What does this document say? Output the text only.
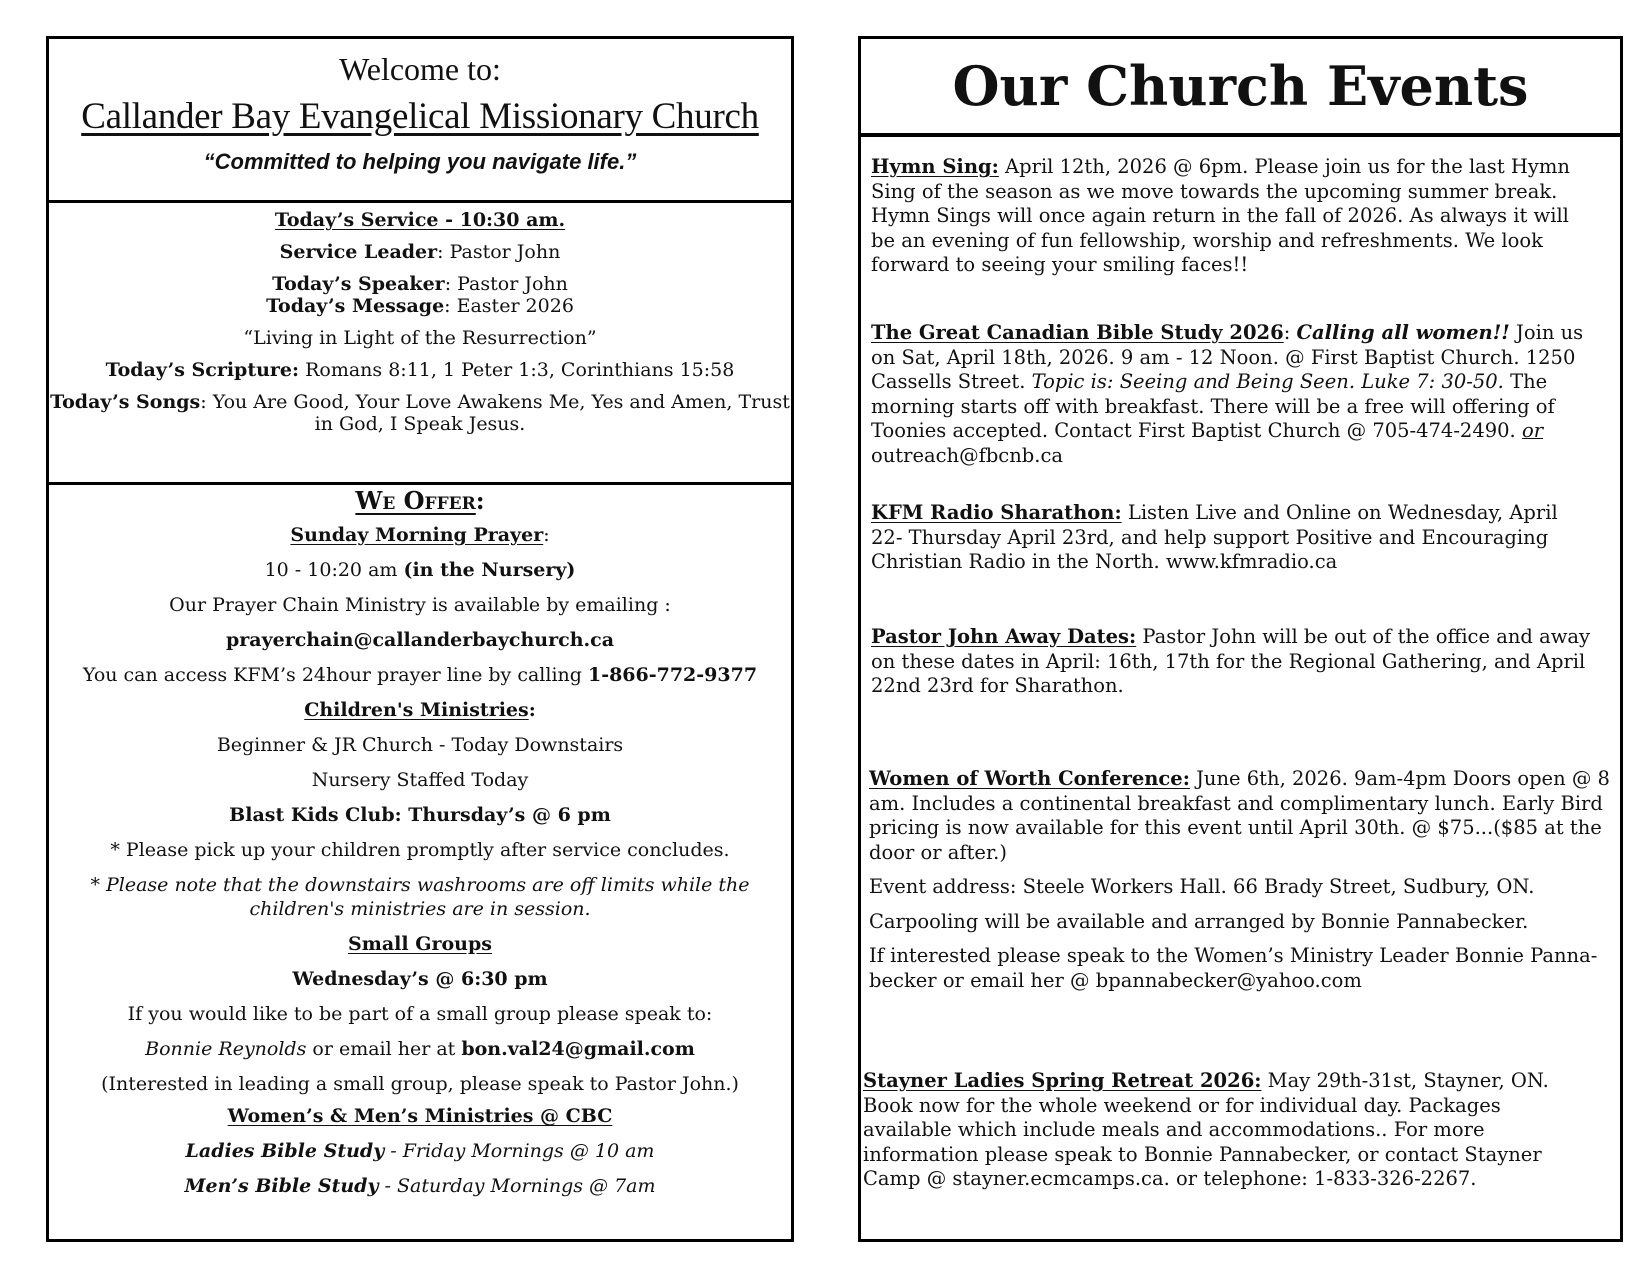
Welcome to:
Callander Bay Evangelical Missionary Church
“Committed to helping you navigate life.”

Today’s Service - 10:30 am.

Service Leader: Pastor John

Today’s Speaker: Pastor John

Today’s Message: Easter 2026

“Living in Light of the Resurrection”

Today’s Scripture: Romans 8:11, 1 Peter 1:3, Corinthians 15:58

Today’s Songs: You Are Good, Your Love Awakens Me, Yes and Amen, Trust in God, I Speak Jesus.

We Offer:

Sunday Morning Prayer:

10 - 10:20 am (in the Nursery)

Our Prayer Chain Ministry is available by emailing :

prayerchain@callanderbaychurch.ca

You can access KFM’s 24hour prayer line by calling 1-866-772-9377

Children's Ministries:

Beginner & JR Church - Today Downstairs

Nursery Staffed Today

Blast Kids Club: Thursday’s @ 6 pm

* Please pick up your children promptly after service concludes.

* Please note that the downstairs washrooms are off limits while the children's ministries are in session.

Small Groups

Wednesday’s @ 6:30 pm

If you would like to be part of a small group please speak to:

Bonnie Reynolds or email her at bon.val24@gmail.com

(Interested in leading a small group, please speak to Pastor John.)

Women’s & Men’s Ministries @ CBC

Ladies Bible Study - Friday Mornings @ 10 am

Men’s Bible Study - Saturday Mornings @ 7am

Our Church Events

Hymn Sing: April 12th, 2026 @ 6pm. Please join us for the last Hymn Sing of the season as we move towards the upcoming summer break. Hymn Sings will once again return in the fall of 2026. As always it will be an evening of fun fellowship, worship and refreshments. We look forward to seeing your smiling faces!!

The Great Canadian Bible Study 2026: Calling all women!! Join us on Sat, April 18th, 2026. 9 am - 12 Noon. @ First Baptist Church. 1250 Cassells Street. Topic is: Seeing and Being Seen. Luke 7: 30-50. The morning starts off with breakfast. There will be a free will offering of Toonies accepted. Contact First Baptist Church @ 705-474-2490. or outreach@fbcnb.ca

KFM Radio Sharathon: Listen Live and Online on Wednesday, April 22- Thursday April 23rd, and help support Positive and Encouraging Christian Radio in the North. www.kfmradio.ca

Pastor John Away Dates: Pastor John will be out of the office and away on these dates in April: 16th, 17th for the Regional Gathering, and April 22nd 23rd for Sharathon.

Women of Worth Conference: June 6th, 2026. 9am-4pm Doors open @ 8 am. Includes a continental breakfast and complimentary lunch. Early Bird pricing is now available for this event until April 30th. @ $75...($85 at the door or after.)

Event address: Steele Workers Hall. 66 Brady Street, Sudbury, ON.

Carpooling will be available and arranged by Bonnie Pannabecker.

If interested please speak to the Women’s Ministry Leader Bonnie Panna-becker or email her @ bpannabecker@yahoo.com

Stayner Ladies Spring Retreat 2026: May 29th-31st, Stayner, ON. Book now for the whole weekend or for individual day. Packages available which include meals and accommodations.. For more information please speak to Bonnie Pannabecker, or contact Stayner Camp @ stayner.ecmcamps.ca. or telephone: 1-833-326-2267.
